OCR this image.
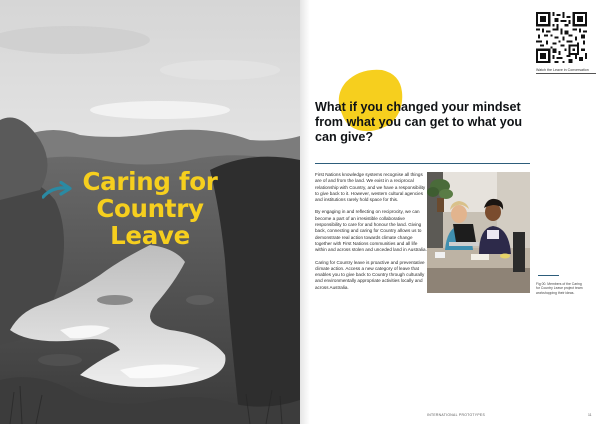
Caring for
Country
Leave
Watch the Leave in Conversation
What if you changed your mindset from what you can get to what you can give?

First Nations knowledge systems recognise all things are of and from the land. We exist in a reciprocal relationship with Country, and we have a responsibility to give back to it. However, western cultural agencies and institutions rarely hold space for this.

By engaging in and reflecting on reciprocity, we can become a part of an irresistible collaborative responsibility to care for and honour the land. Giving back, connecting and caring for Country allows us to demonstrate real action towards climate change together with First Nations communities and all life within and across stolen and unceded land in Australia.

Caring for Country leave is proactive and preventative climate action. Access a new category of leave that enables you to give back to Country through culturally and environmentally appropriate activities locally and across Australia.

Fig 00. Members of the Caring for Country Leave project team workshopping their ideas.
INTERNATIONAL PROTOTYPES	11
